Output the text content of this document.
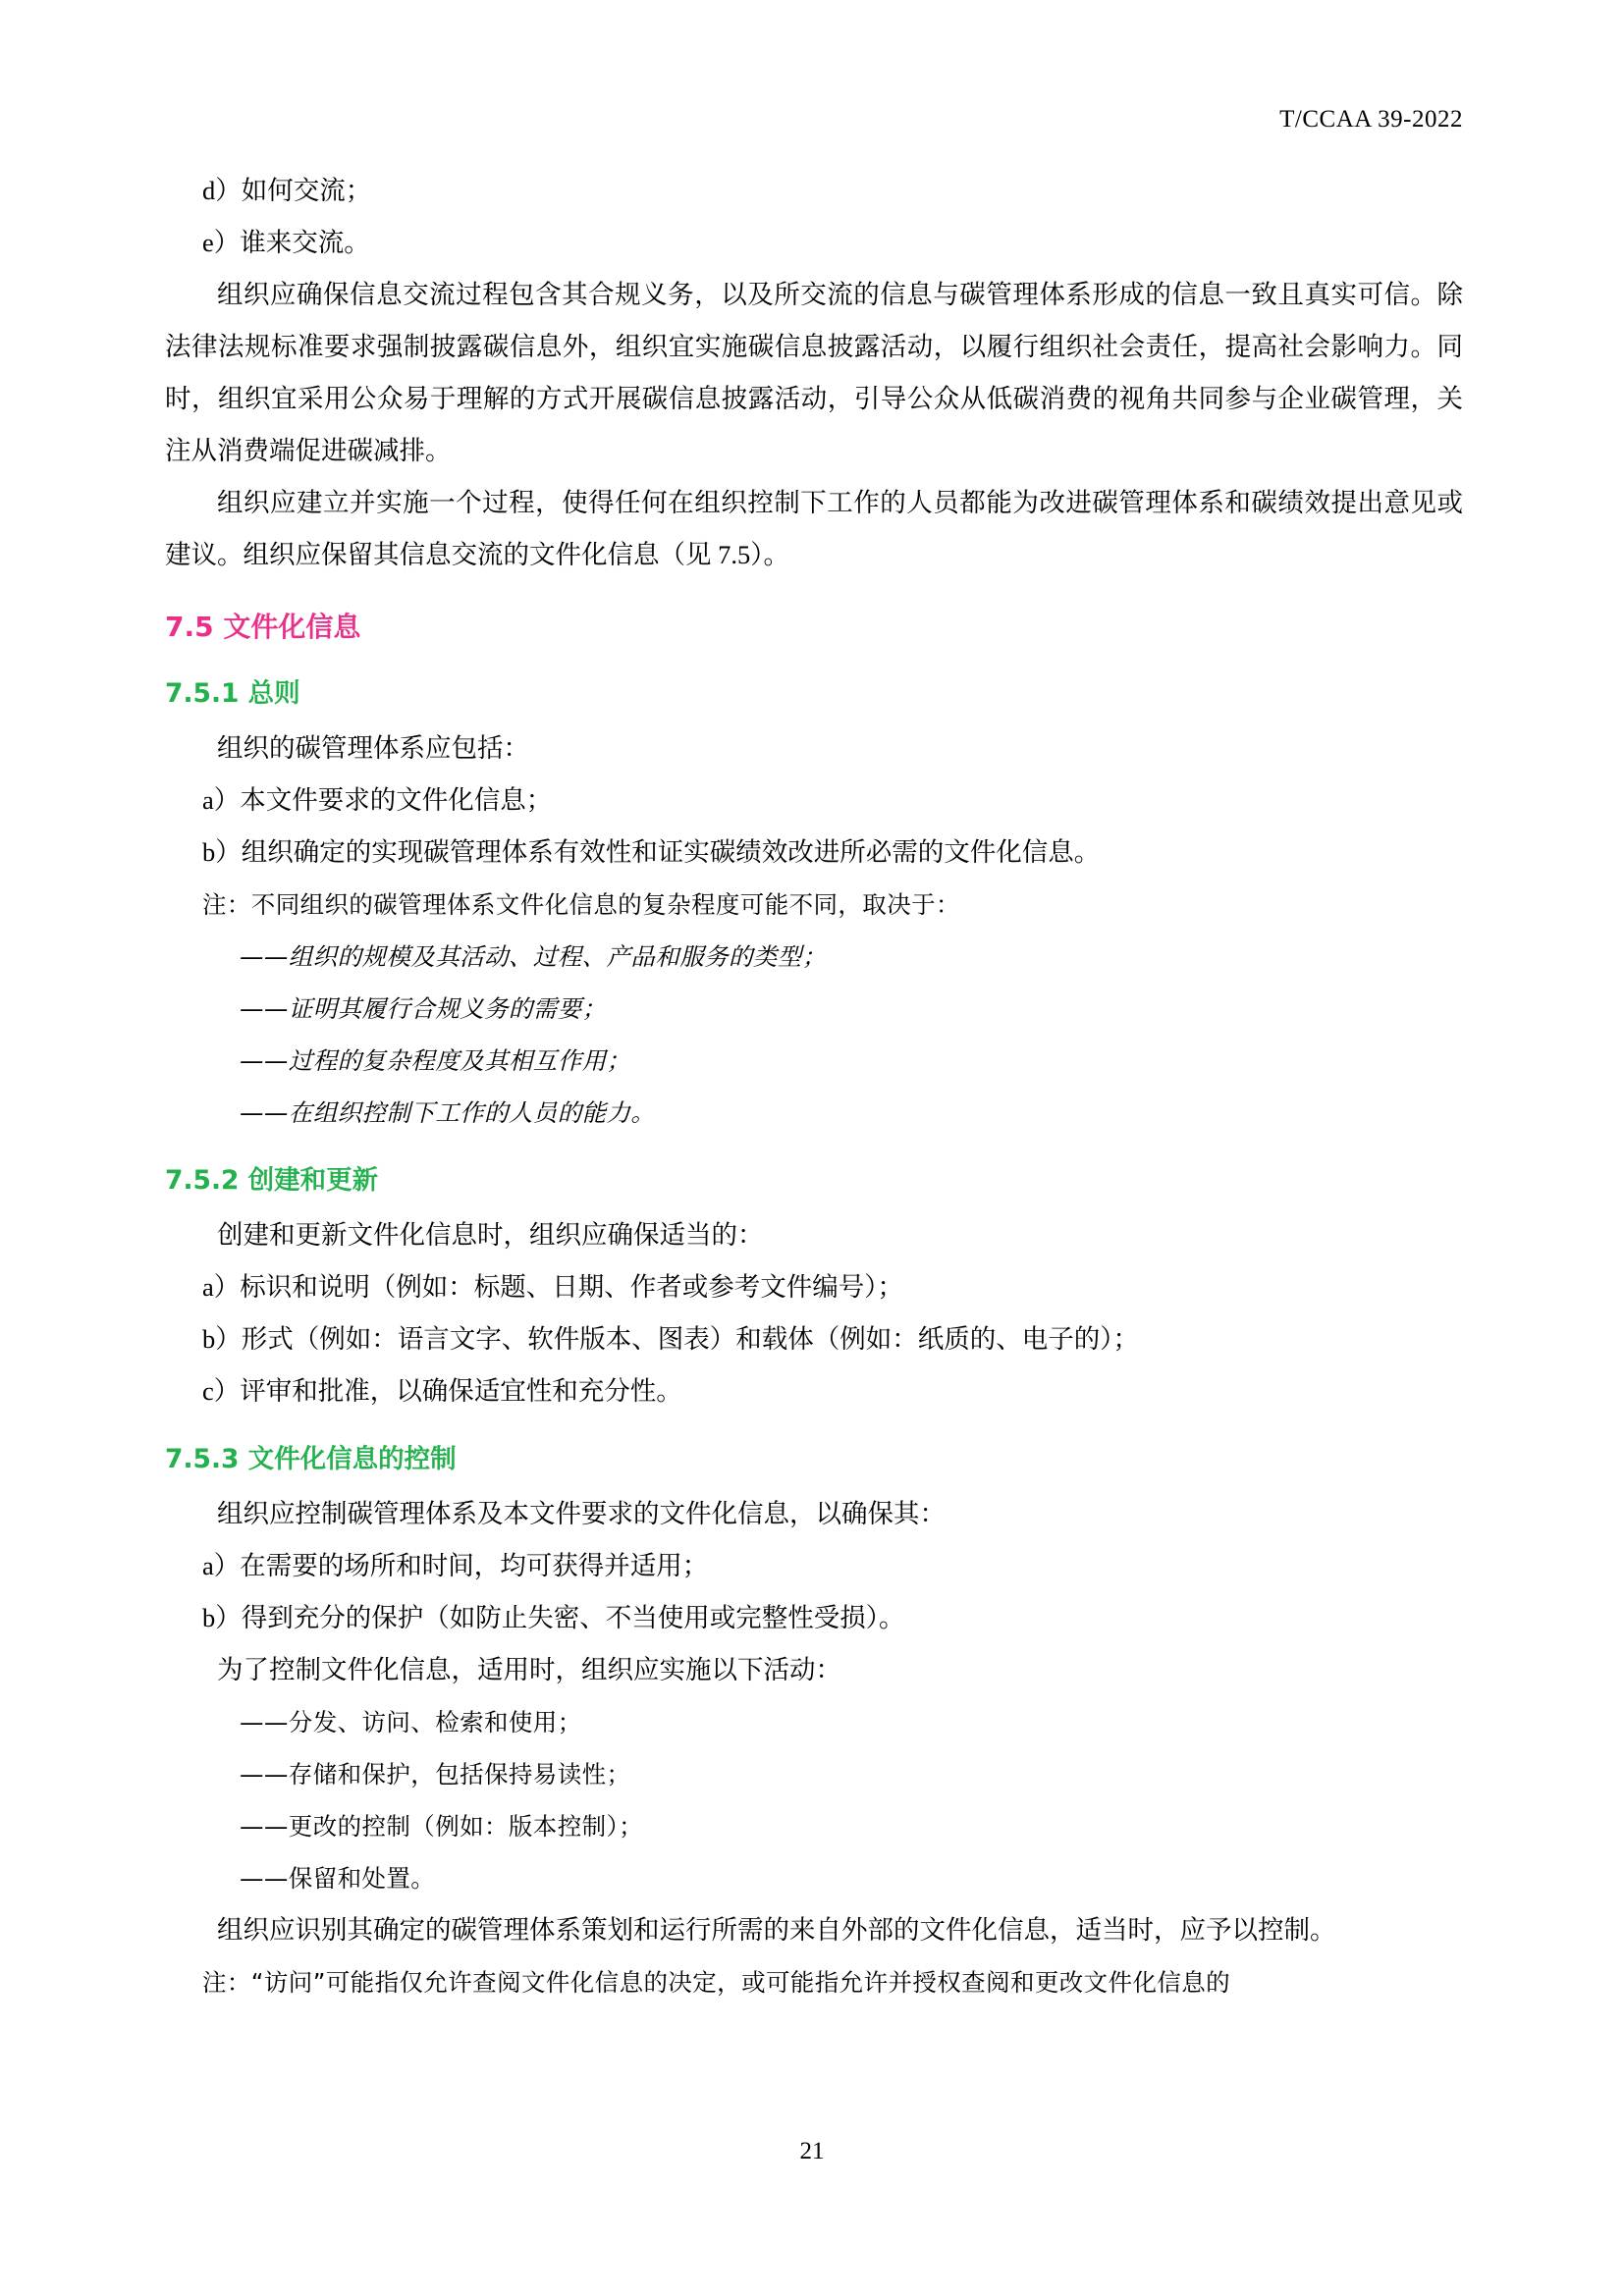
T/CCAA 39-2022

d）如何交流；

e）谁来交流。

组织应确保信息交流过程包含其合规义务，以及所交流的信息与碳管理体系形成的信息一致且真实可信。除法律法规标准要求强制披露碳信息外，组织宜实施碳信息披露活动，以履行组织社会责任，提高社会影响力。同时，组织宜采用公众易于理解的方式开展碳信息披露活动，引导公众从低碳消费的视角共同参与企业碳管理，关注从消费端促进碳减排。

组织应建立并实施一个过程，使得任何在组织控制下工作的人员都能为改进碳管理体系和碳绩效提出意见或建议。组织应保留其信息交流的文件化信息（见 7.5）。

7.5 文件化信息
7.5.1 总则

组织的碳管理体系应包括：

a）本文件要求的文件化信息；

b）组织确定的实现碳管理体系有效性和证实碳绩效改进所必需的文件化信息。

注：不同组织的碳管理体系文件化信息的复杂程度可能不同，取决于：

——组织的规模及其活动、过程、产品和服务的类型；

——证明其履行合规义务的需要；

——过程的复杂程度及其相互作用；

——在组织控制下工作的人员的能力。

7.5.2 创建和更新

创建和更新文件化信息时，组织应确保适当的：

a）标识和说明（例如：标题、日期、作者或参考文件编号）；

b）形式（例如：语言文字、软件版本、图表）和载体（例如：纸质的、电子的）；

c）评审和批准，以确保适宜性和充分性。

7.5.3 文件化信息的控制

组织应控制碳管理体系及本文件要求的文件化信息，以确保其：

a）在需要的场所和时间，均可获得并适用；

b）得到充分的保护（如防止失密、不当使用或完整性受损）。

为了控制文件化信息，适用时，组织应实施以下活动：

——分发、访问、检索和使用；

——存储和保护，包括保持易读性；

——更改的控制（例如：版本控制）；

——保留和处置。

组织应识别其确定的碳管理体系策划和运行所需的来自外部的文件化信息，适当时，应予以控制。

注：“访问”可能指仅允许查阅文件化信息的决定，或可能指允许并授权查阅和更改文件化信息的

21
